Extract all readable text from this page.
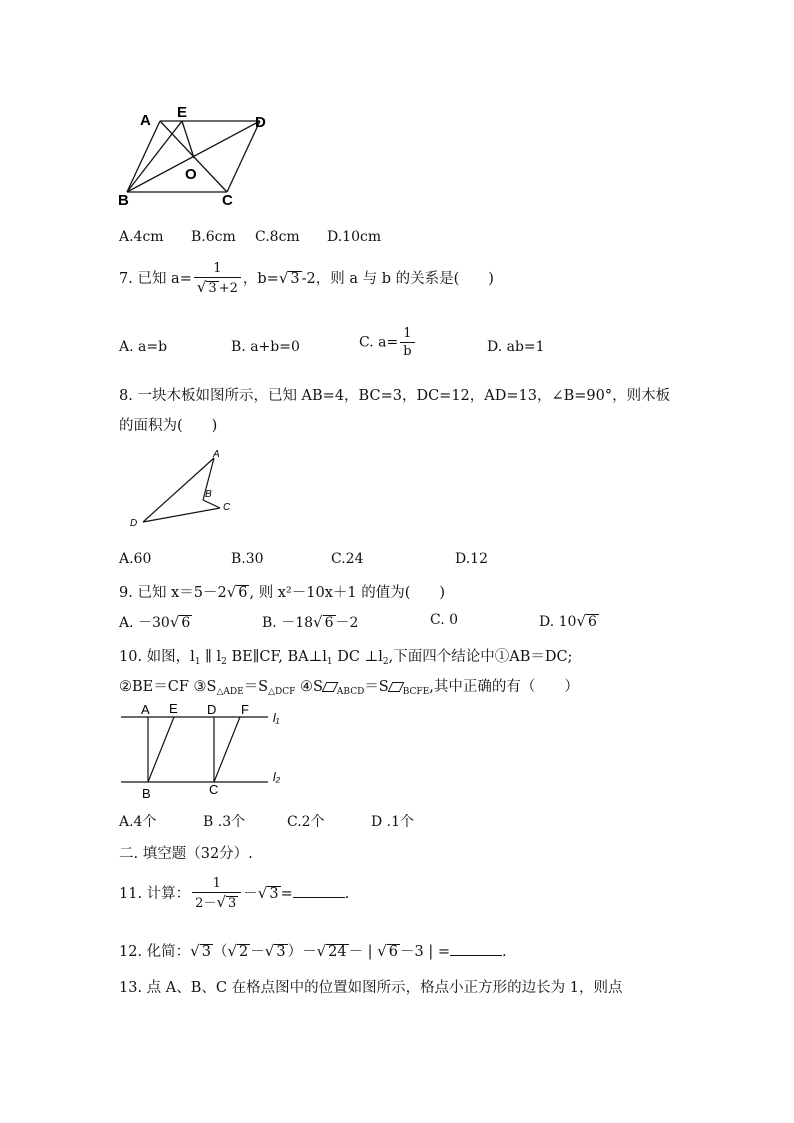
A E
D
O
B	C
A.4cm B.6cm C.8cm D.10cm
7. 已知 $a= \frac{1}{√ 3 +2}$ ，b=√ 3 -2，则 a 与 b 的关系是(　　)
A. a=b	B. a+b=0	C. $a= \frac{1}{b}$	D. ab=1
8. 一块木板如图所示，已知 AB=4，BC=3，DC=12，AD=13，∠B=90°，则木板
的面积为(　　)
A
B
C
D
A.60	B.30	C.24	D.12
9. 已知 x＝5－2√ 6 , 则 x²－10x＋1 的值为(　　)
A. －30√ 6	B. －18√ 6 －2	C. 0	D. 10√ 6
10. 如图，$l_1$ ∥ $l_2$ BE∥CF, $BA\perp l_1$ DC $\perp l_2$,下面四个结论中①AB＝DC;
②BE＝CF $③S_{\triangle ADE}=S_{\triangle DCF}$ ④S $_{ABCD}$＝S $_{BCFE}$,其中正确的有（　　）
A E D F
B	C
l₁
l₂
A.4个	B .3个	C.2个	D .1个
二. 填空题（32分）.
11. 计算： $\frac{1}{2-√ 3}$ －√ 3 =	.
12. 化简：√ 3 （√ 2 －√ 3 ）－√ 24 － | √ 6 －3 | =	.
13. 点 A、B、C 在格点图中的位置如图所示，格点小正方形的边长为 1，则点
